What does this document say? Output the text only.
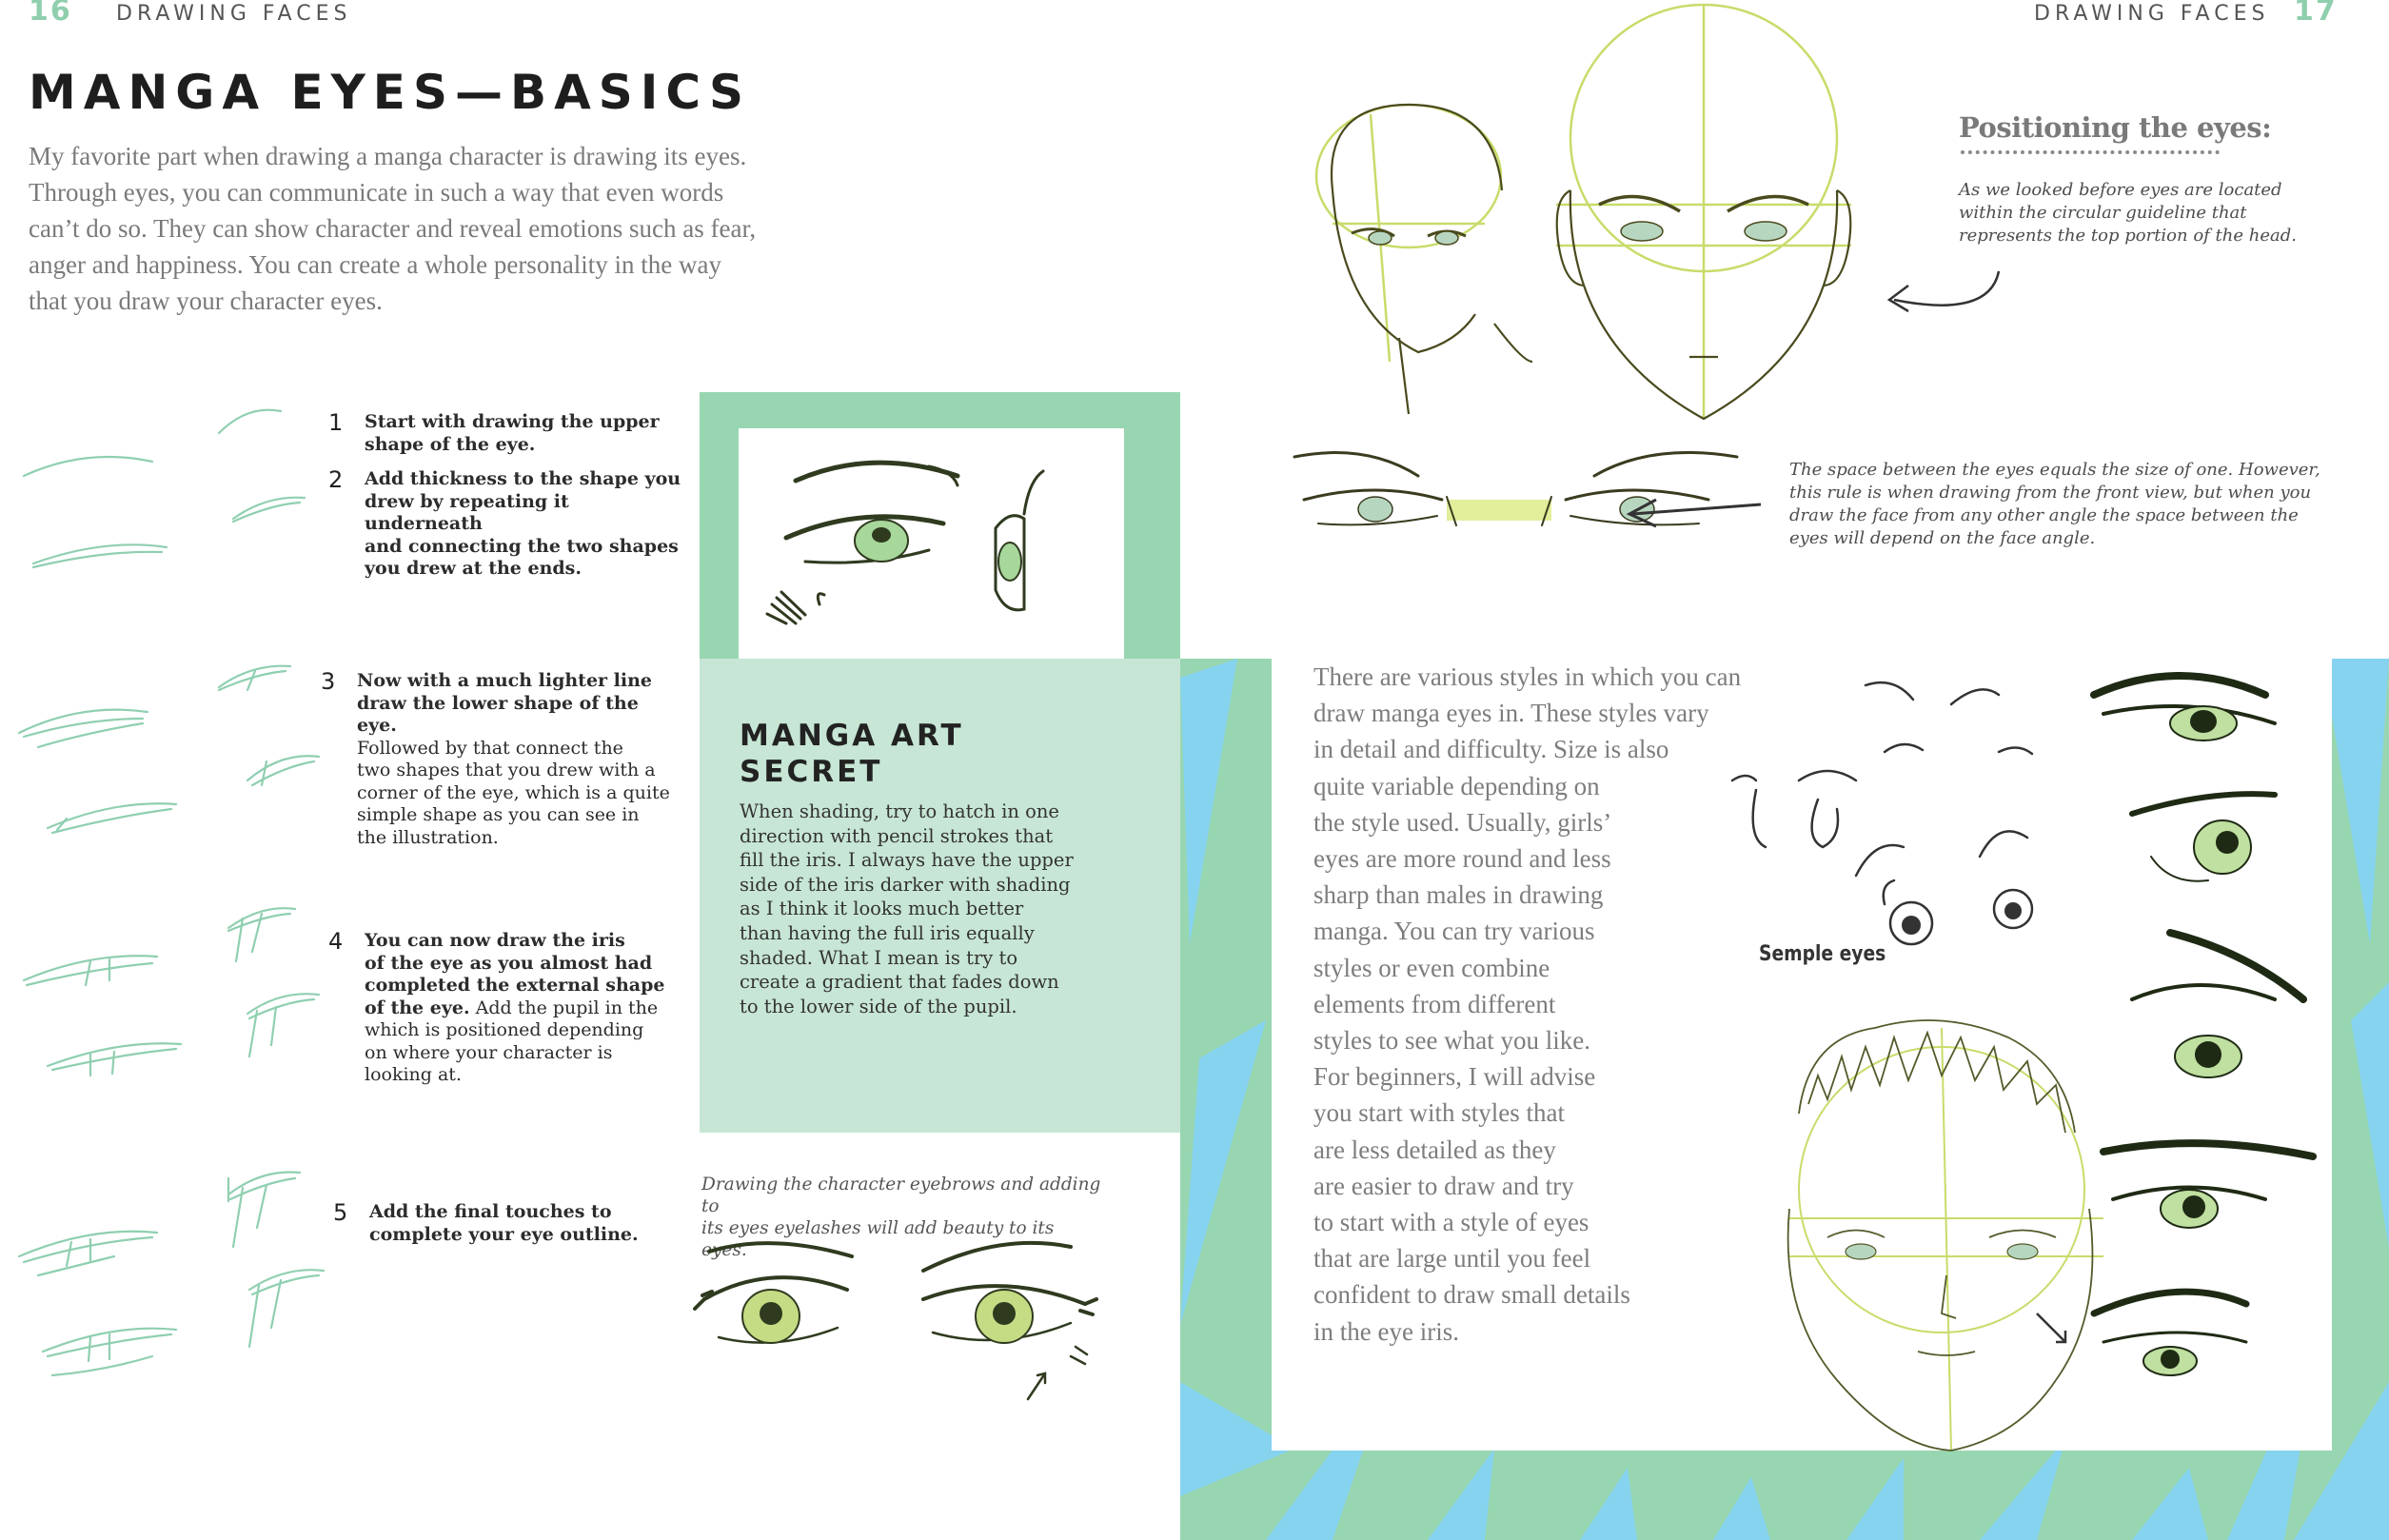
16 DRAWING FACES
MANGA EYES—BASICS
My favorite part when drawing a manga character is drawing its eyes.
Through eyes, you can communicate in such a way that even words
can’t do so. They can show character and reveal emotions such as fear,
anger and happiness. You can create a whole personality in the way
that you draw your character eyes.
1 Start with drawing the upper
shape of the eye.
2 Add thickness to the shape you
drew by repeating it underneath
and connecting the two shapes
you drew at the ends.
3 Now with a much lighter line
draw the lower shape of the eye.
Followed by that connect the
two shapes that you drew with a
corner of the eye, which is a quite
simple shape as you can see in
the illustration.
4 You can now draw the iris
of the eye as you almost had
completed the external shape
of the eye. Add the pupil in the
which is positioned depending
on where your character is
looking at.
5 Add the final touches to
complete your eye outline.
MANGA ART
SECRET
When shading, try to hatch in one
direction with pencil strokes that
fill the iris. I always have the upper
side of the iris darker with shading
as I think it looks much better
than having the full iris equally
shaded. What I mean is try to
create a gradient that fades down
to the lower side of the pupil.
Drawing the character eyebrows and adding to
its eyes eyelashes will add beauty to its eyes.
DRAWING FACES 17
Positioning the eyes:
As we looked before eyes are located
within the circular guideline that
represents the top portion of the head.
The space between the eyes equals the size of one. However,
this rule is when drawing from the front view, but when you
draw the face from any other angle the space between the
eyes will depend on the face angle.
There are various styles in which you can
draw manga eyes in. These styles vary
in detail and difficulty. Size is also
quite variable depending on
the style used. Usually, girls’
eyes are more round and less
sharp than males in drawing
manga. You can try various
styles or even combine
elements from different
styles to see what you like.
For beginners, I will advise
you start with styles that
are less detailed as they
are easier to draw and try
to start with a style of eyes
that are large until you feel
confident to draw small details
in the eye iris.
Semple eyes
